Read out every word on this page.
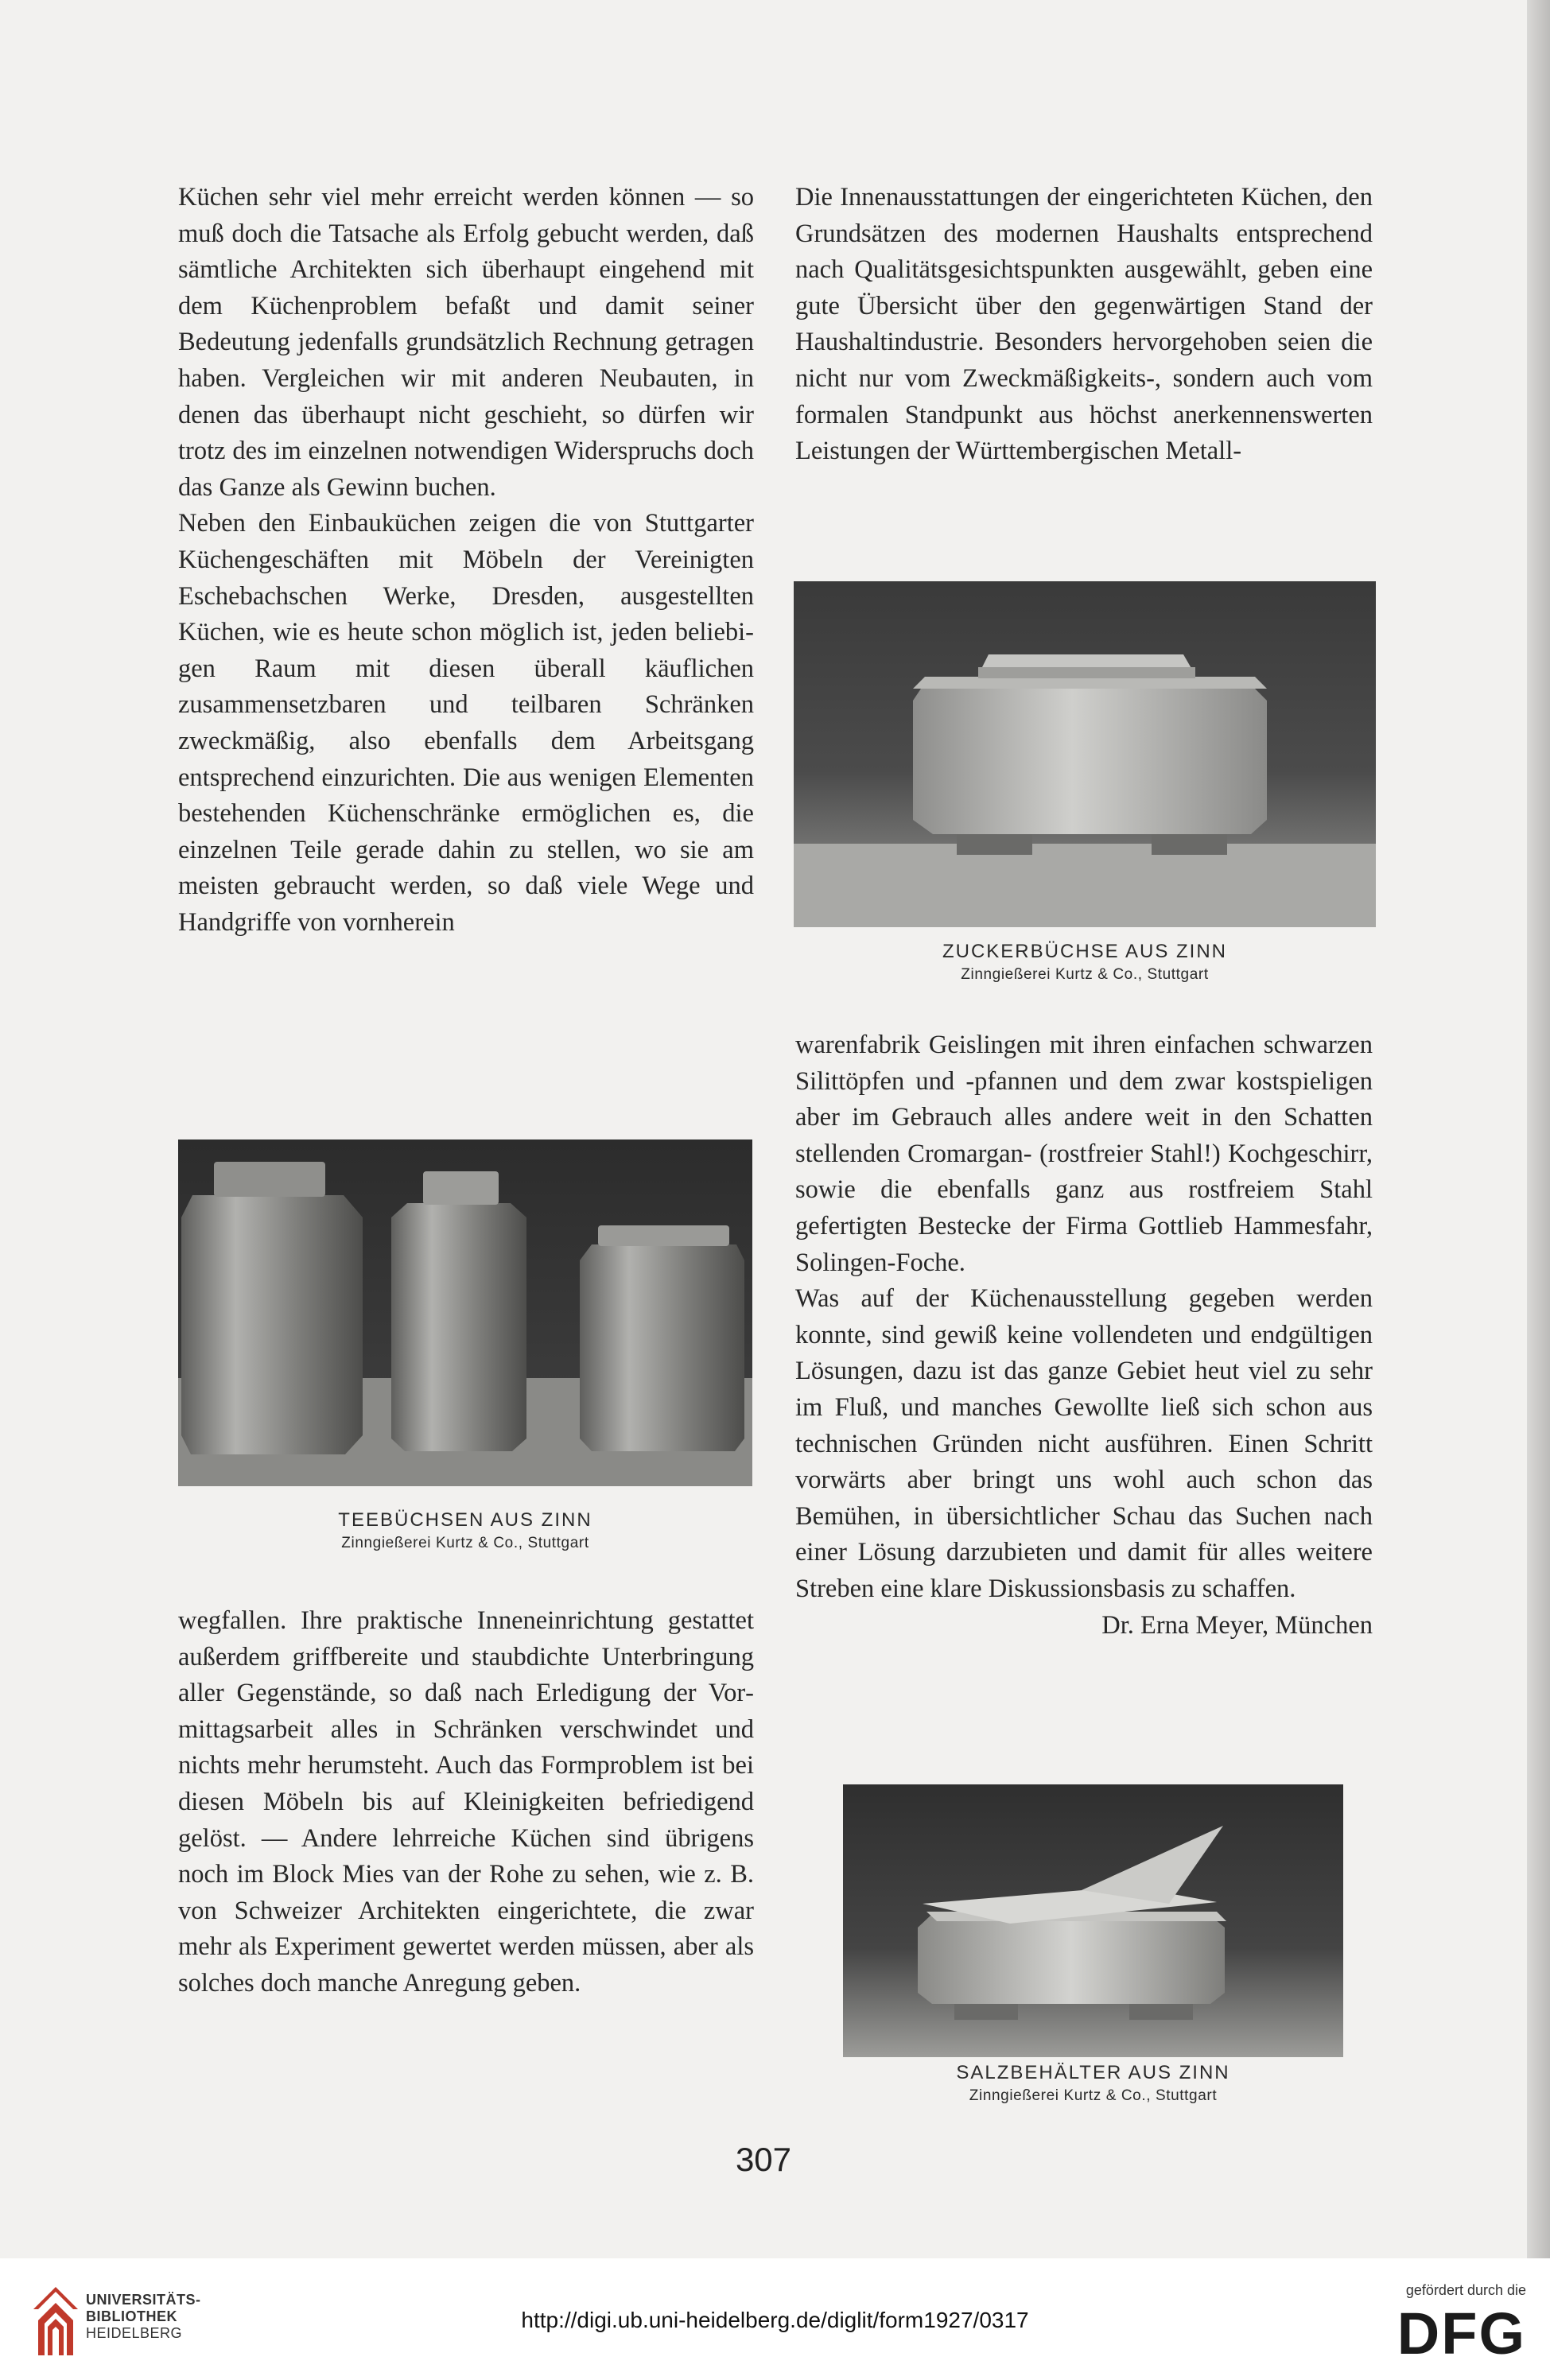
Küchen sehr viel mehr erreicht werden können — so muß doch die Tatsache als Erfolg gebucht werden, daß sämtliche Architekten sich überhaupt eingehend mit dem Küchenproblem befaßt und damit seiner Bedeutung jedenfalls grundsätzlich Rechnung getragen haben. Vergleichen wir mit anderen Neubauten, in denen das überhaupt nicht geschieht, so dürfen wir trotz des im einzelnen notwendigen Widerspruchs doch das Ganze als Gewinn buchen.

Neben den Einbauküchen zeigen die von Stuttgarter Küchengeschäften mit Möbeln der Vereinigten Eschebachschen Werke, Dresden, ausgestellten Küchen, wie es heute schon möglich ist, jeden beliebigen Raum mit diesen überall käuflichen zusammensetzbaren und teilbaren Schränken zweckmäßig, also ebenfalls dem Arbeitsgang entsprechend einzurichten. Die aus wenigen Elementen bestehenden Küchenschränke ermöglichen es, die einzelnen Teile gerade dahin zu stellen, wo sie am meisten gebraucht werden, so daß viele Wege und Handgriffe von vornherein

Die Innenausstattungen der eingerichteten Küchen, den Grundsätzen des modernen Haushalts entsprechend nach Qualitätsgesichtspunkten ausgewählt, geben eine gute Übersicht über den gegenwärtigen Stand der Haushaltindustrie. Besonders hervorgehoben seien die nicht nur vom Zweckmäßigkeits-, sondern auch vom formalen Standpunkt aus höchst anerkennenswerten Leistungen der Württembergischen Metall-

ZUCKERBÜCHSE AUS ZINN
Zinngießerei Kurtz & Co., Stuttgart

warenfabrik Geislingen mit ihren einfachen schwarzen Silittöpfen und -pfannen und dem zwar kostspieligen aber im Gebrauch alles andere weit in den Schatten stellenden Cromargan- (rostfreier Stahl!) Kochgeschirr, sowie die ebenfalls ganz aus rostfreiem Stahl gefertigten Bestecke der Firma Gottlieb Hammesfahr, Solingen-Foche.

Was auf der Küchenausstellung gegeben werden konnte, sind gewiß keine vollendeten und endgültigen Lösungen, dazu ist das ganze Gebiet heut viel zu sehr im Fluß, und manches Gewollte ließ sich schon aus technischen Gründen nicht ausführen. Einen Schritt vorwärts aber bringt uns wohl auch schon das Bemühen, in übersichtlicher Schau das Suchen nach einer Lösung darzubieten und damit für alles weitere Streben eine klare Diskussionsbasis zu schaffen.

Dr. Erna Meyer, München

TEEBÜCHSEN AUS ZINN
Zinngießerei Kurtz & Co., Stuttgart

wegfallen. Ihre praktische Inneneinrichtung gestattet außerdem griffbereite und staubdichte Unterbringung aller Gegenstände, so daß nach Erledigung der Vormittagsarbeit alles in Schränken verschwindet und nichts mehr herumsteht. Auch das Formproblem ist bei diesen Möbeln bis auf Kleinigkeiten befriedigend gelöst. — Andere lehrreiche Küchen sind übrigens noch im Block Mies van der Rohe zu sehen, wie z. B. von Schweizer Architekten eingerichtete, die zwar mehr als Experiment gewertet werden müssen, aber als solches doch manche Anregung geben.

SALZBEHÄLTER AUS ZINN
Zinngießerei Kurtz & Co., Stuttgart
307
UNIVERSITÄTS-
BIBLIOTHEK
HEIDELBERG
http://digi.ub.uni-heidelberg.de/diglit/form1927/0317
gefördert durch die
DFG
